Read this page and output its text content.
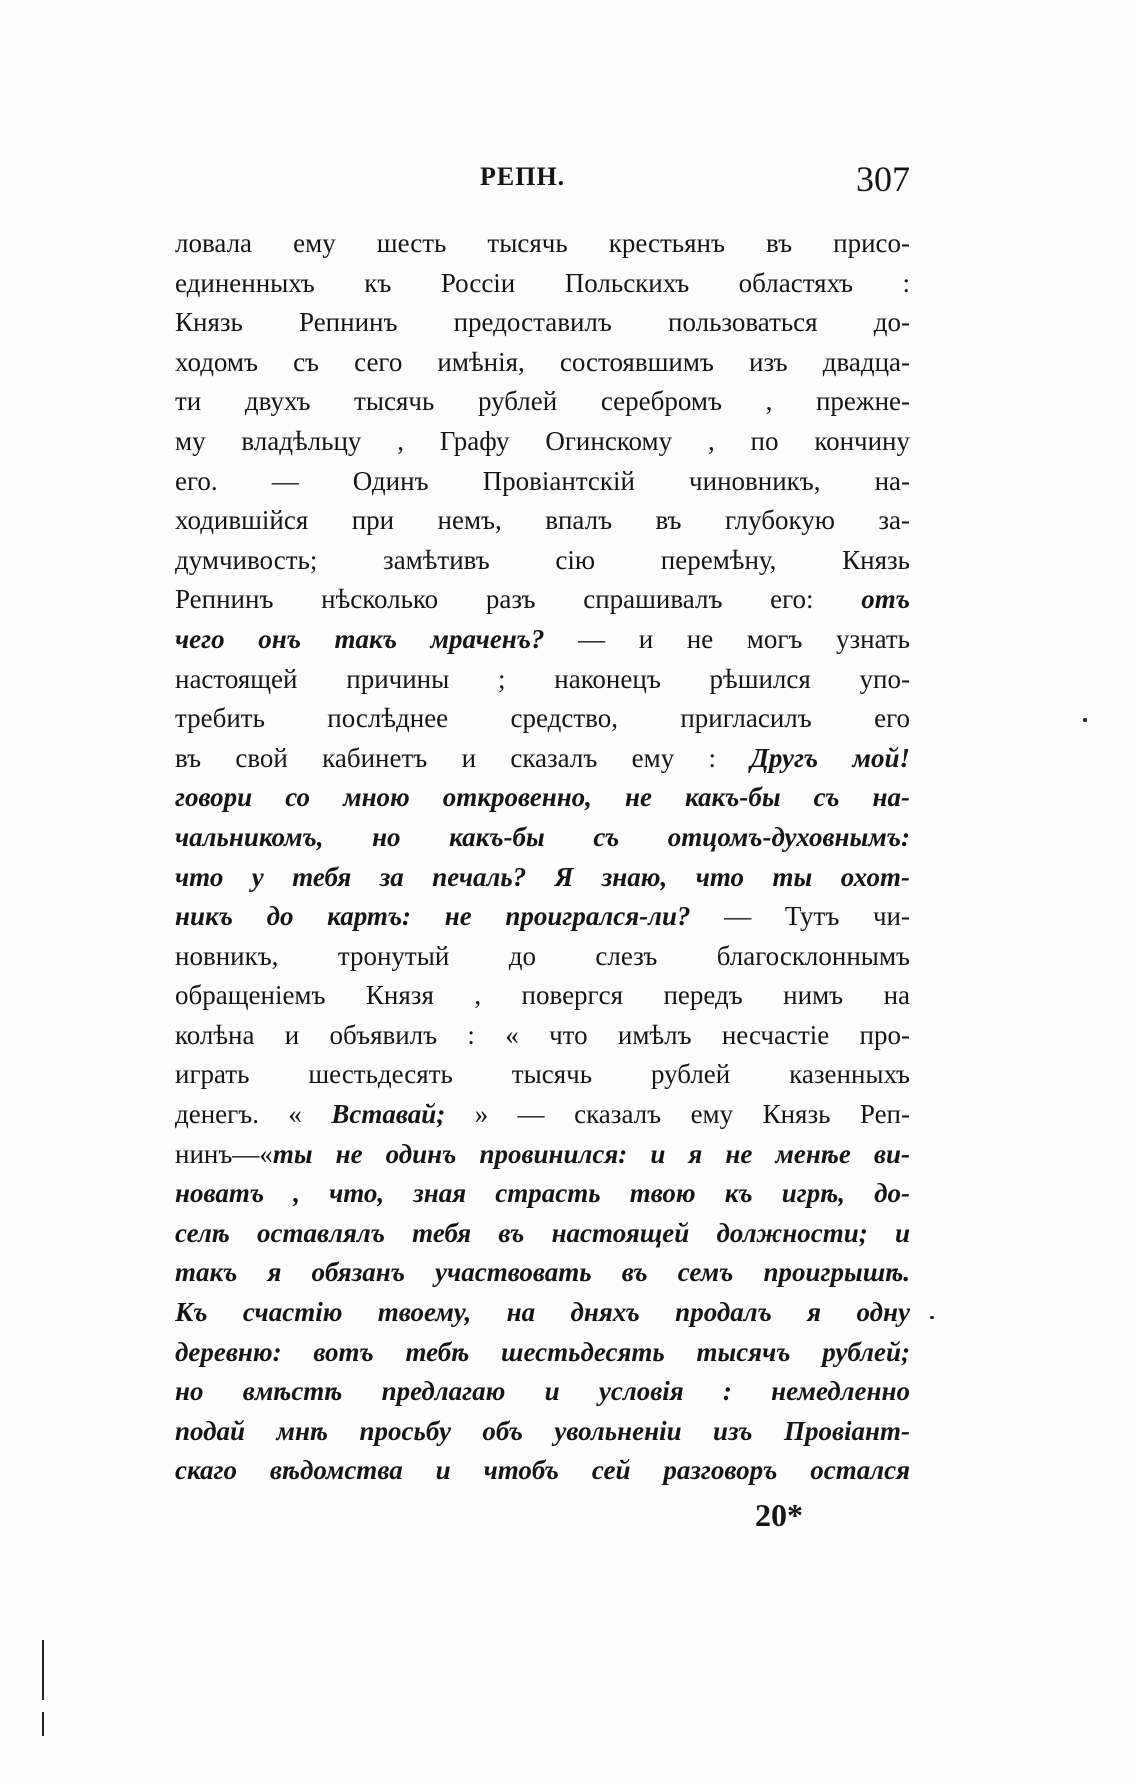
РЕПН.	307
ловала ему шесть тысячь крестьянъ въ присо-
единенныхъ къ Россіи Польскихъ областяхъ :
Князь Репнинъ предоставилъ пользоваться до-
ходомъ съ сего имѣнія, состоявшимъ изъ двадца-
ти двухъ тысячь рублей серебромъ , прежне-
му владѣльцу , Графу Огинскому , по кончину
его. — Одинъ Провіантскій чиновникъ, на-
ходившійся при немъ, впалъ въ глубокую за-
думчивость; замѣтивъ сію перемѣну, Князь
Репнинъ нѣсколько разъ спрашивалъ его: отъ
чего онъ такъ мраченъ? — и не могъ узнать
настоящей причины ; наконецъ рѣшился упо-
требить послѣднее средство, пригласилъ его
въ свой кабинетъ и сказалъ ему : Другъ мой!
говори со мною откровенно, не какъ-бы съ на-
чальникомъ, но какъ-бы съ отцомъ-духовнымъ:
что у тебя за печаль? Я знаю, что ты охот-
никъ до картъ: не проигрался-ли? — Тутъ чи-
новникъ, тронутый до слезъ благосклоннымъ
обращеніемъ Князя , повергся передъ нимъ на
колѣна и объявилъ : « что имѣлъ несчастіе про-
играть шестьдесять тысячь рублей казенныхъ
денегъ. « Вставай; » — сказалъ ему Князь Реп-
нинъ—«ты не одинъ провинился: и я не менѣе ви-
новатъ , что, зная страсть твою къ игрѣ, до-
селѣ оставлялъ тебя въ настоящей должности; и
такъ я обязанъ участвовать въ семъ проигрышѣ.
Къ счастію твоему, на дняхъ продалъ я одну
деревню: вотъ тебѣ шестьдесять тысячъ рублей;
но вмѣстѣ предлагаю и условія : немедленно
подай мнѣ просьбу объ увольненіи изъ Провіант-
скаго вѣдомства и чтобъ сей разговоръ остался
20*
